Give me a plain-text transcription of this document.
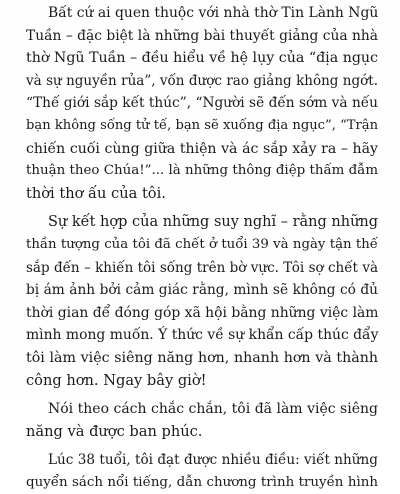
Bất cứ ai quen thuộc với nhà thờ Tin Lành Ngũ
Tuần – đặc biệt là những bài thuyết giảng của nhà
thờ Ngũ Tuần – đều hiểu về hệ lụy của “địa ngục
và sự nguyền rủa”, vốn được rao giảng không ngớt.
“Thế giới sắp kết thúc”, “Người sẽ đến sớm và nếu
bạn không sống tử tế, bạn sẽ xuống địa ngục”, “Trận
chiến cuối cùng giữa thiện và ác sắp xảy ra – hãy
thuận theo Chúa!”... là những thông điệp thấm đẫm
thời thơ ấu của tôi.
Sự kết hợp của những suy nghĩ – rằng những
thần tượng của tôi đã chết ở tuổi 39 và ngày tận thế
sắp đến – khiến tôi sống trên bờ vực. Tôi sợ chết và
bị ám ảnh bởi cảm giác rằng, mình sẽ không có đủ
thời gian để đóng góp xã hội bằng những việc làm
mình mong muốn. Ý thức về sự khẩn cấp thúc đẩy
tôi làm việc siêng năng hơn, nhanh hơn và thành
công hơn. Ngay bây giờ!
Nói theo cách chắc chắn, tôi đã làm việc siêng
năng và được ban phúc.
Lúc 38 tuổi, tôi đạt được nhiều điều: viết những
quyển sách nổi tiếng, dẫn chương trình truyền hình
